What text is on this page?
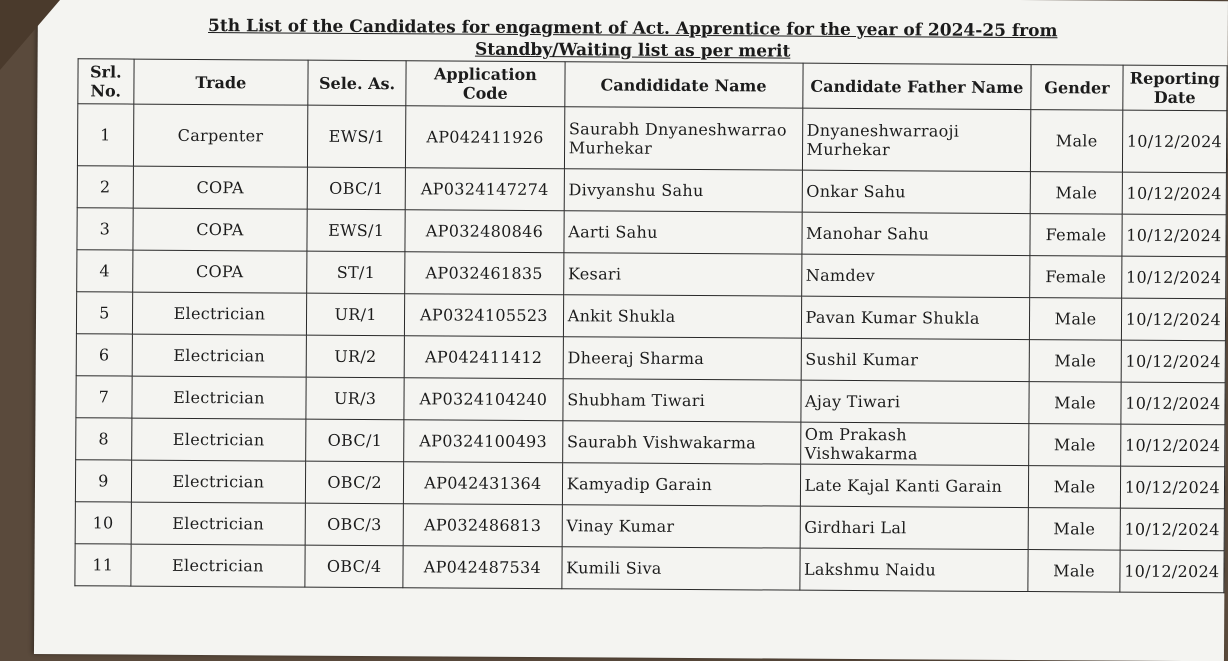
5th List of the Candidates for engagment of Act. Apprentice for the year of 2024-25 from
Standby/Waiting list as per merit
Srl. No.	Trade	Sele. As.	Application Code	Candididate Name	Candidate Father Name	Gender	Reporting Date
1	Carpenter	EWS/1	AP042411926	Saurabh Dnyaneshwarrao Murhekar	Dnyaneshwarraoji Murhekar	Male	10/12/2024
2	COPA	OBC/1	AP0324147274	Divyanshu Sahu	Onkar Sahu	Male	10/12/2024
3	COPA	EWS/1	AP032480846	Aarti Sahu	Manohar Sahu	Female	10/12/2024
4	COPA	ST/1	AP032461835	Kesari	Namdev	Female	10/12/2024
5	Electrician	UR/1	AP0324105523	Ankit Shukla	Pavan Kumar Shukla	Male	10/12/2024
6	Electrician	UR/2	AP042411412	Dheeraj Sharma	Sushil Kumar	Male	10/12/2024
7	Electrician	UR/3	AP0324104240	Shubham Tiwari	Ajay Tiwari	Male	10/12/2024
8	Electrician	OBC/1	AP0324100493	Saurabh Vishwakarma	Om Prakash Vishwakarma	Male	10/12/2024
9	Electrician	OBC/2	AP042431364	Kamyadip Garain	Late Kajal Kanti Garain	Male	10/12/2024
10	Electrician	OBC/3	AP032486813	Vinay Kumar	Girdhari Lal	Male	10/12/2024
11	Electrician	OBC/4	AP042487534	Kumili Siva	Lakshmu Naidu	Male	10/12/2024
